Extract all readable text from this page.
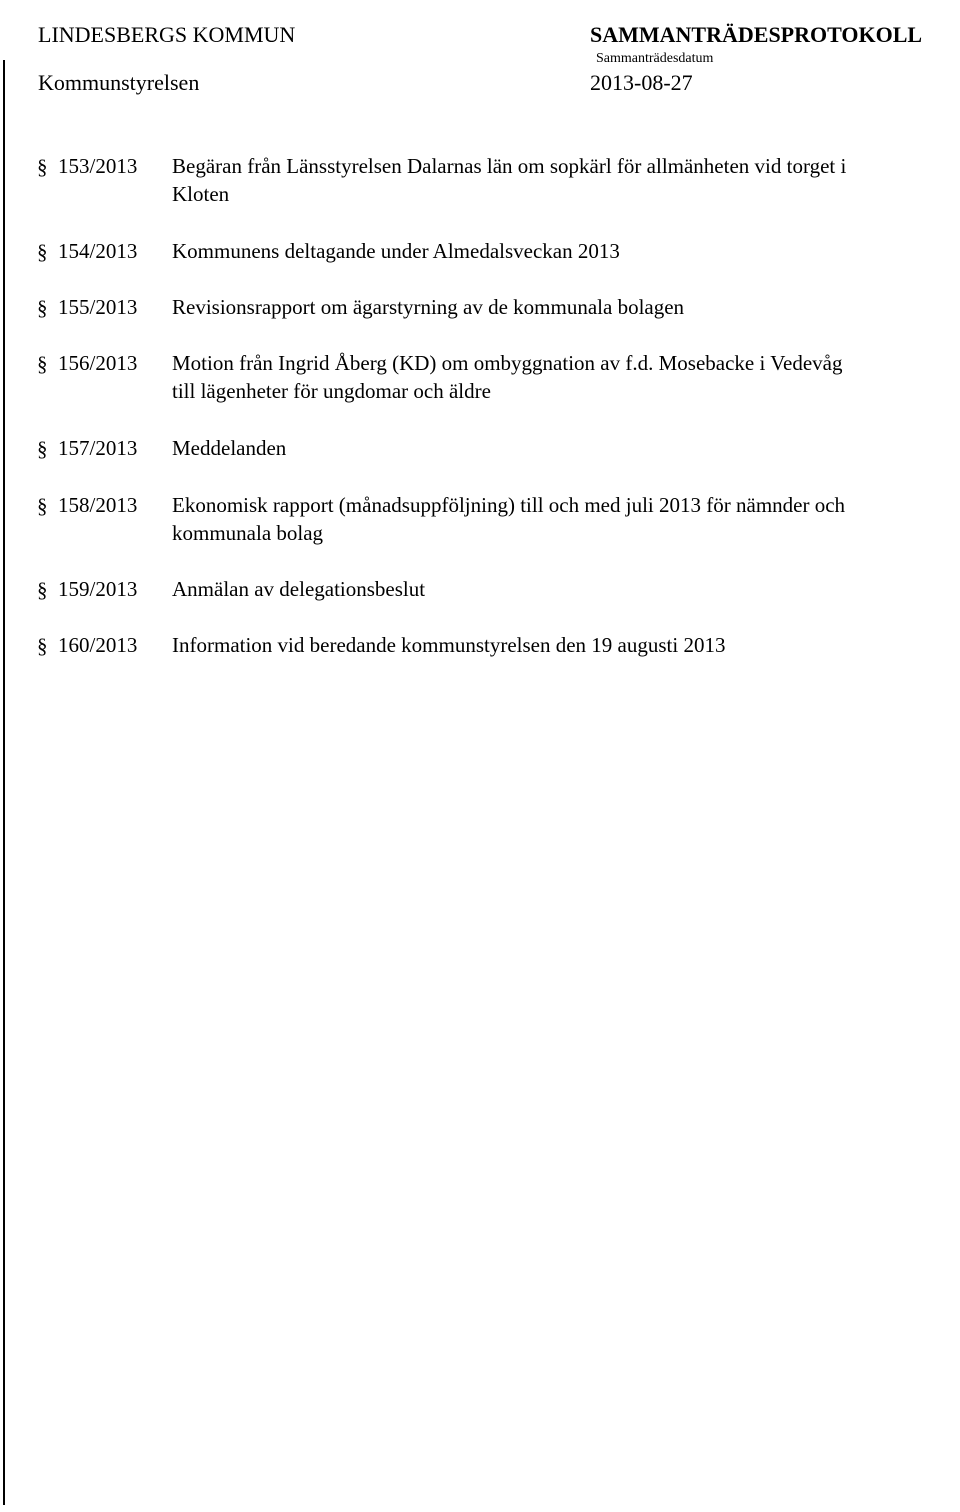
LINDESBERGS KOMMUN
Kommunstyrelsen
SAMMANTRÄDESPROTOKOLL
Sammanträdesdatum
2013-08-27
§ 153/2013 Begäran från Länsstyrelsen Dalarnas län om sopkärl för allmänheten vid torget i
Kloten
§ 154/2013 Kommunens deltagande under Almedalsveckan 2013
§ 155/2013 Revisionsrapport om ägarstyrning av de kommunala bolagen
§ 156/2013 Motion från Ingrid Åberg (KD) om ombyggnation av f.d. Mosebacke i Vedevåg
till lägenheter för ungdomar och äldre
§ 157/2013 Meddelanden
§ 158/2013 Ekonomisk rapport (månadsuppföljning) till och med juli 2013 för nämnder och
kommunala bolag
§ 159/2013 Anmälan av delegationsbeslut
§ 160/2013 Information vid beredande kommunstyrelsen den 19 augusti 2013
